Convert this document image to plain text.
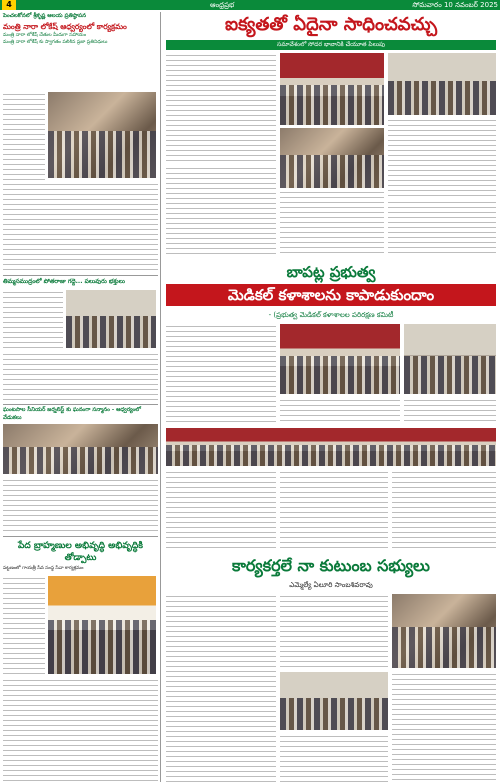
4	ఆంధ్రప్రభ	సోమవారం 10 నవంబర్ 2025
పెంచలకోనలో శ్రీకృష్ణ ఆలయ ప్రతిష్ఠాపన
మంత్రి నారా లోకేష్ ఆధ్వర్యంలో కార్యక్రమం
మంత్రి నారా లోకేష్ చేతుల మీదుగా సహాయం
మంత్రి నారా లోకేష్ కు స్వాగతం పలికిన ప్రజా ప్రతినిధులు
తిమ్మసముద్రంలో పోతరాజు గద్దె... పలువురు భక్తులు
ఘంటసాల సీనియర్ జర్నలిస్ట్ కు ఘనంగా సన్మానం - ఆధ్వర్యంలో వేడుకలు
పేద బ్రాహ్మణుల అభివృద్ధి అభివృద్ధికి తోడ్పాటు
పట్టణంలో గాయత్రీ సేవ సంస్థ సేవా కార్యక్రమం
ఐక్యతతో ఏదైనా సాధించవచ్చు
సమావేశంలో సోదర భావానికి చేయూత పిలుపు
బాపట్ల ప్రభుత్వ
మెడికల్ కళాశాలను కాపాడుకుందాం
- (ప్రభుత్వ మెడికల్ కళాశాలల పరిరక్షణ కమిటీ
కార్యకర్తలే నా కుటుంబ సభ్యులు
ఎమ్మెల్యే ఏలూరి సాంబశివరావు
